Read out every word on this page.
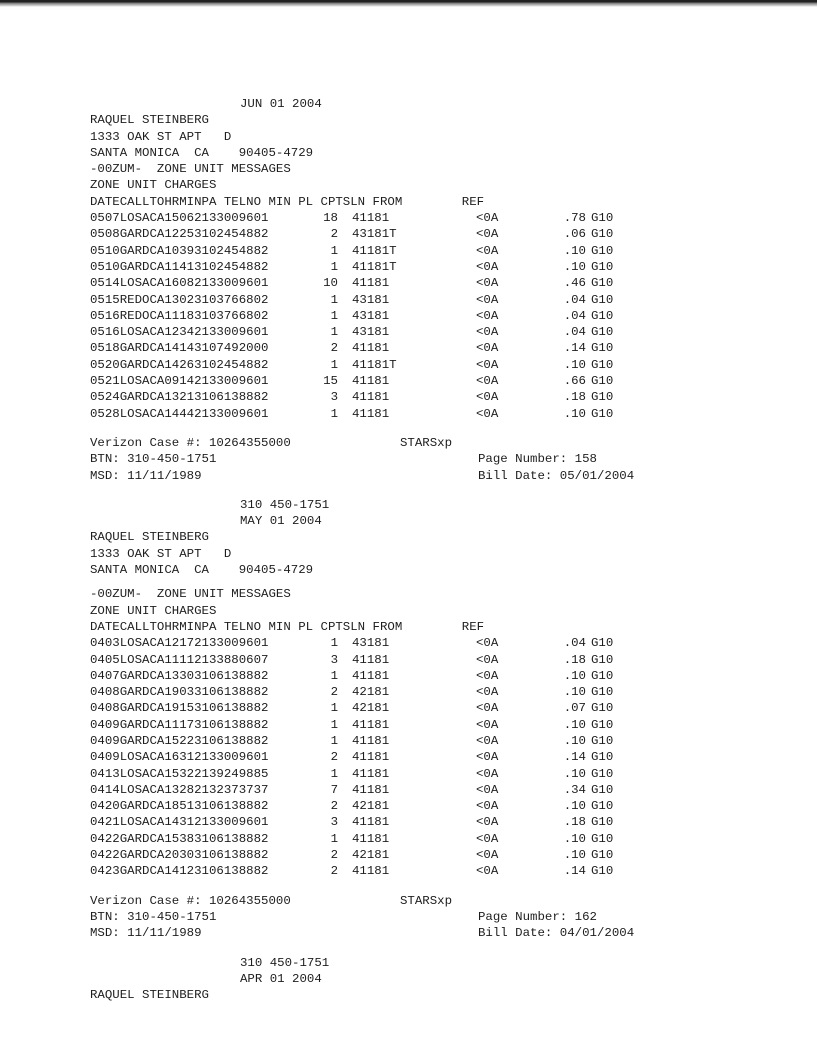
JUN 01 2004
RAQUEL STEINBERG
1333 OAK ST APT   D
SANTA MONICA  CA    90405-4729
-00ZUM-  ZONE UNIT MESSAGES
ZONE UNIT CHARGES
DATECALLTOHRMINPA TELNO MIN PL CPTSLN FROM        REF
0507LOSACA15062133009601	18 41181	<0A	.78 G10
0508GARDCA12253102454882	2 43181T	<0A	.06 G10
0510GARDCA10393102454882	1 41181T	<0A	.10 G10
0510GARDCA11413102454882	1 41181T	<0A	.10 G10
0514LOSACA16082133009601	10 41181	<0A	.46 G10
0515REDOCA13023103766802	1 43181	<0A	.04 G10
0516REDOCA11183103766802	1 43181	<0A	.04 G10
0516LOSACA12342133009601	1 43181	<0A	.04 G10
0518GARDCA14143107492000	2 41181	<0A	.14 G10
0520GARDCA14263102454882	1 41181T	<0A	.10 G10
0521LOSACA09142133009601	15 41181	<0A	.66 G10
0524GARDCA13213106138882	3 41181	<0A	.18 G10
0528LOSACA14442133009601	1 41181	<0A	.10 G10
Verizon Case #: 10264355000	STARSxp
BTN: 310-450-1751	Page Number: 158
MSD: 11/11/1989	Bill Date: 05/01/2004
310 450-1751
MAY 01 2004
RAQUEL STEINBERG
1333 OAK ST APT   D
SANTA MONICA  CA    90405-4729
-00ZUM-  ZONE UNIT MESSAGES
ZONE UNIT CHARGES
DATECALLTOHRMINPA TELNO MIN PL CPTSLN FROM        REF
0403LOSACA12172133009601	1 43181	<0A	.04 G10
0405LOSACA11112133880607	3 41181	<0A	.18 G10
0407GARDCA13303106138882	1 41181	<0A	.10 G10
0408GARDCA19033106138882	2 42181	<0A	.10 G10
0408GARDCA19153106138882	1 42181	<0A	.07 G10
0409GARDCA11173106138882	1 41181	<0A	.10 G10
0409GARDCA15223106138882	1 41181	<0A	.10 G10
0409LOSACA16312133009601	2 41181	<0A	.14 G10
0413LOSACA15322139249885	1 41181	<0A	.10 G10
0414LOSACA13282132373737	7 41181	<0A	.34 G10
0420GARDCA18513106138882	2 42181	<0A	.10 G10
0421LOSACA14312133009601	3 41181	<0A	.18 G10
0422GARDCA15383106138882	1 41181	<0A	.10 G10
0422GARDCA20303106138882	2 42181	<0A	.10 G10
0423GARDCA14123106138882	2 41181	<0A	.14 G10
Verizon Case #: 10264355000	STARSxp
BTN: 310-450-1751	Page Number: 162
MSD: 11/11/1989	Bill Date: 04/01/2004
310 450-1751
APR 01 2004
RAQUEL STEINBERG
